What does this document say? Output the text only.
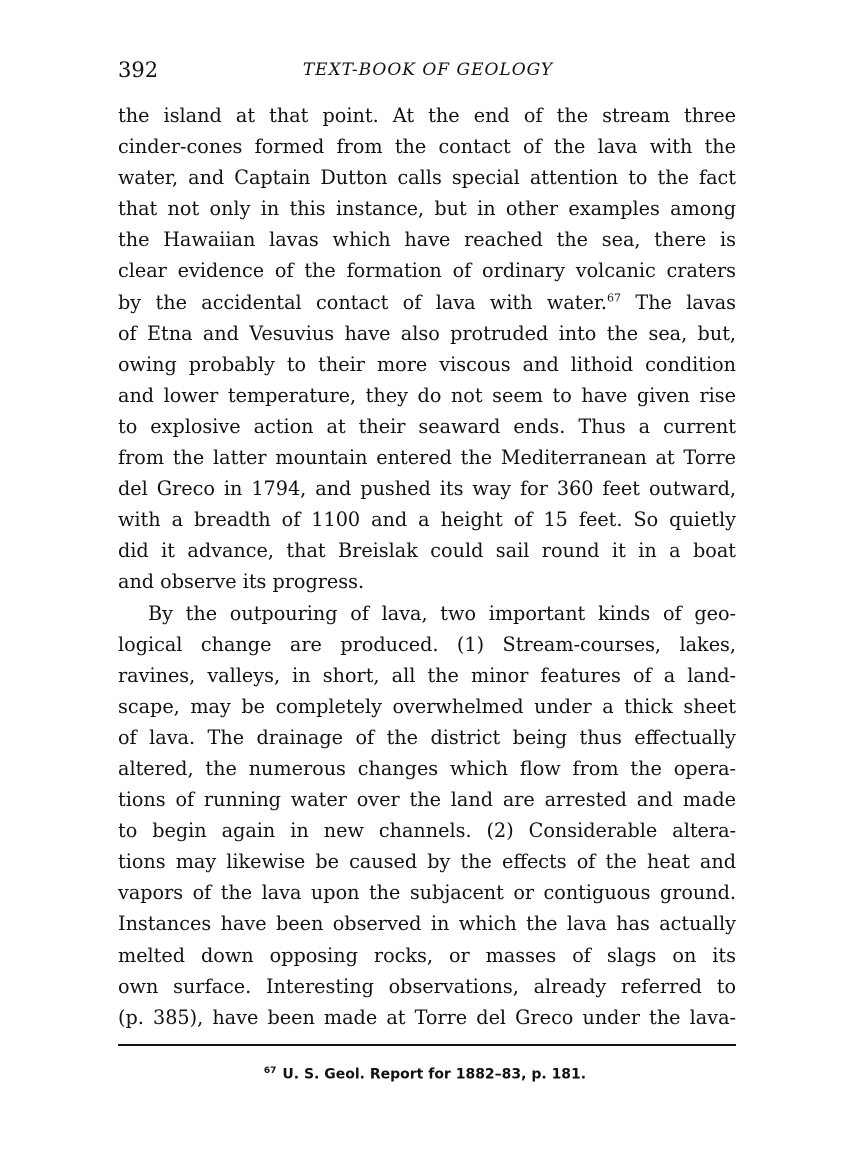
392	TEXT-BOOK OF GEOLOGY
the island at that point. At the end of the stream three
cinder-cones formed from the contact of the lava with the
water, and Captain Dutton calls special attention to the fact
that not only in this instance, but in other examples among
the Hawaiian lavas which have reached the sea, there is
clear evidence of the formation of ordinary volcanic craters
by the accidental contact of lava with water.$^{67}$ The lavas
of Etna and Vesuvius have also protruded into the sea, but,
owing probably to their more viscous and lithoid condition
and lower temperature, they do not seem to have given rise
to explosive action at their seaward ends. Thus a current
from the latter mountain entered the Mediterranean at Torre
del Greco in 1794, and pushed its way for 360 feet outward,
with a breadth of 1100 and a height of 15 feet. So quietly
did it advance, that Breislak could sail round it in a boat
and observe its progress.
By the outpouring of lava, two important kinds of geo-
logical change are produced. (1) Stream-courses, lakes,
ravines, valleys, in short, all the minor features of a land-
scape, may be completely overwhelmed under a thick sheet
of lava. The drainage of the district being thus effectually
altered, the numerous changes which flow from the opera-
tions of running water over the land are arrested and made
to begin again in new channels. (2) Considerable altera-
tions may likewise be caused by the effects of the heat and
vapors of the lava upon the subjacent or contiguous ground.
Instances have been observed in which the lava has actually
melted down opposing rocks, or masses of slags on its
own surface. Interesting observations, already referred to
(p. 385), have been made at Torre del Greco under the lava-
$^{67}$ U. S. Geol. Report for 1882–83, p. 181.
